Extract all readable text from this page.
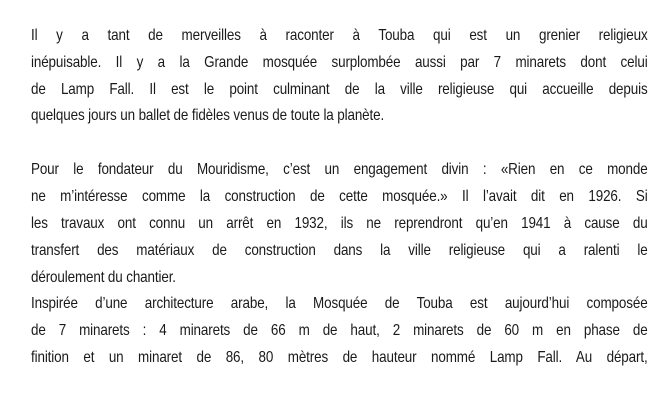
Il y a tant de merveilles à raconter à Touba qui est un grenier religieux
inépuisable. Il y a la Grande mosquée surplombée aussi par 7 minarets dont celui
de Lamp Fall. Il est le point culminant de la ville religieuse qui accueille depuis
quelques jours un ballet de fidèles venus de toute la planète.
Pour le fondateur du Mouridisme, c’est un engagement divin : «Rien en ce monde
ne m’intéresse comme la construction de cette mosquée.» Il l’avait dit en 1926. Si
les travaux ont connu un arrêt en 1932, ils ne reprendront qu’en 1941 à cause du
transfert des matériaux de construction dans la ville religieuse qui a ralenti le
déroulement du chantier.
Inspirée d’une architecture arabe, la Mosquée de Touba est aujourd’hui composée
de 7 minarets : 4 minarets de 66 m de haut, 2 minarets de 60 m en phase de
finition et un minaret de 86, 80 mètres de hauteur nommé Lamp Fall. Au départ,
